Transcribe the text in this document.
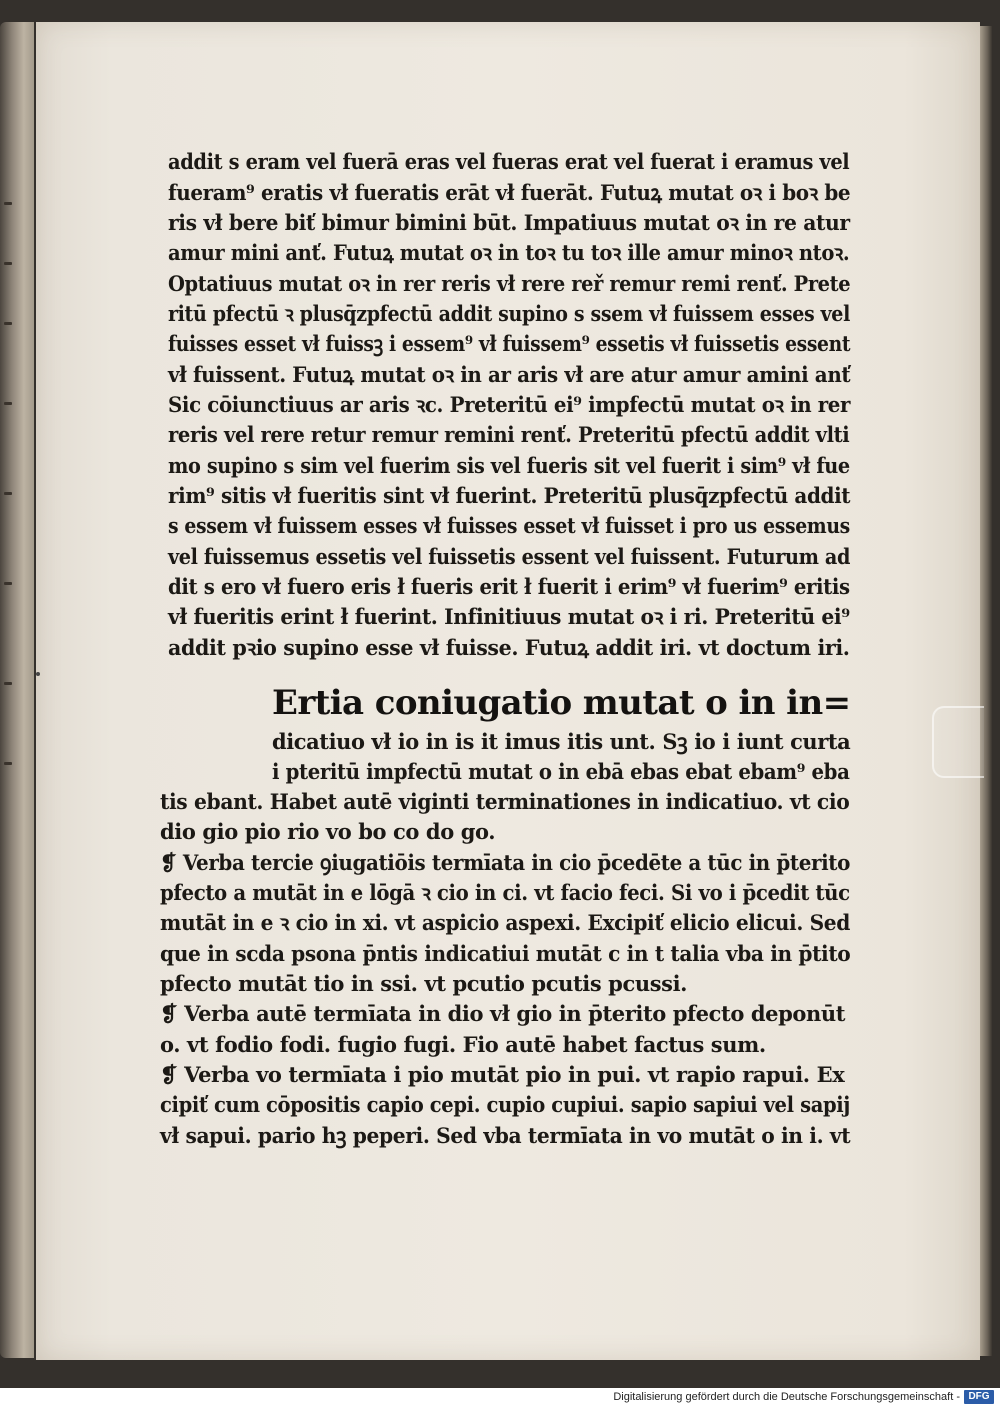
addit s eram vel fuerā eras vel fueras erat vel fuerat i eramus vel
fueram⁹ eratis vł fueratis erāt vł fuerāt. Futuꝝ mutat oꝛ i boꝛ be
ris vł bere biť bimur bimini būt. Impatiuus mutat oꝛ in re atur
amur mini anť. Futuꝝ mutat oꝛ in toꝛ tu toꝛ ille amur minoꝛ ntoꝛ.
Optatiuus mutat oꝛ in rer reris vł rere reř remur remi renť. Prete
ritū pfectū ꝛ plusq̄zpfectū addit supino s ssem vł fuissem esses vel
fuisses esset vł fuissꝫ i essem⁹ vł fuissem⁹ essetis vł fuissetis essent
vł fuissent. Futuꝝ mutat oꝛ in ar aris vł are atur amur amini anť
Sic cōiunctiuus ar aris ꝛc. Preteritū ei⁹ impfectū mutat oꝛ in rer
reris vel rere retur remur remini renť. Preteritū pfectū addit vlti
mo supino s sim vel fuerim sis vel fueris sit vel fuerit i sim⁹ vł fue
rim⁹ sitis vł fueritis sint vł fuerint. Preteritū plusq̄zpfectū addit
s essem vł fuissem esses vł fuisses esset vł fuisset i pro us essemus
vel fuissemus essetis vel fuissetis essent vel fuissent. Futurum ad
dit s ero vł fuero eris ł fueris erit ł fuerit i erim⁹ vł fuerim⁹ eritis
vł fueritis erint ł fuerint. Infinitiuus mutat oꝛ i ri. Preteritū ei⁹
addit pꝛio supino esse vł fuisse. Futuꝝ addit iri. vt doctum iri.
Ertia coniugatio mutat o in in=
dicatiuo vł io in is it imus itis unt. Sꝫ io i iunt curta
i pteritū impfectū mutat o in ebā ebas ebat ebam⁹ eba
tis ebant. Habet autē viginti terminationes in indicatiuo. vt cio
dio gio pio rio vo bo co do go.
❡ Verba tercie ꝯiugatiōis termīata in cio p̄cedēte a tūc in p̄terito
pfecto a mutāt in e lōgā ꝛ cio in ci. vt facio feci. Si vo i p̄cedit tūc
mutāt in e ꝛ cio in xi. vt aspicio aspexi. Excipiť elicio elicui. Sed
que in scda psona p̄ntis indicatiui mutāt c in t talia vba in p̄tito
pfecto mutāt tio in ssi. vt pcutio pcutis pcussi.
❡ Verba autē termīata in dio vł gio in p̄terito pfecto deponūt
o. vt fodio fodi. fugio fugi. Fio autē habet factus sum.
❡ Verba vo termīata i pio mutāt pio in pui. vt rapio rapui. Ex
cipiť cum cōpositis capio cepi. cupio cupiui. sapio sapiui vel sapij
vł sapui. pario hꝫ peperi. Sed vba termīata in vo mutāt o in i. vt
Digitalisierung gefördert durch die Deutsche Forschungsgemeinschaft - DFG
